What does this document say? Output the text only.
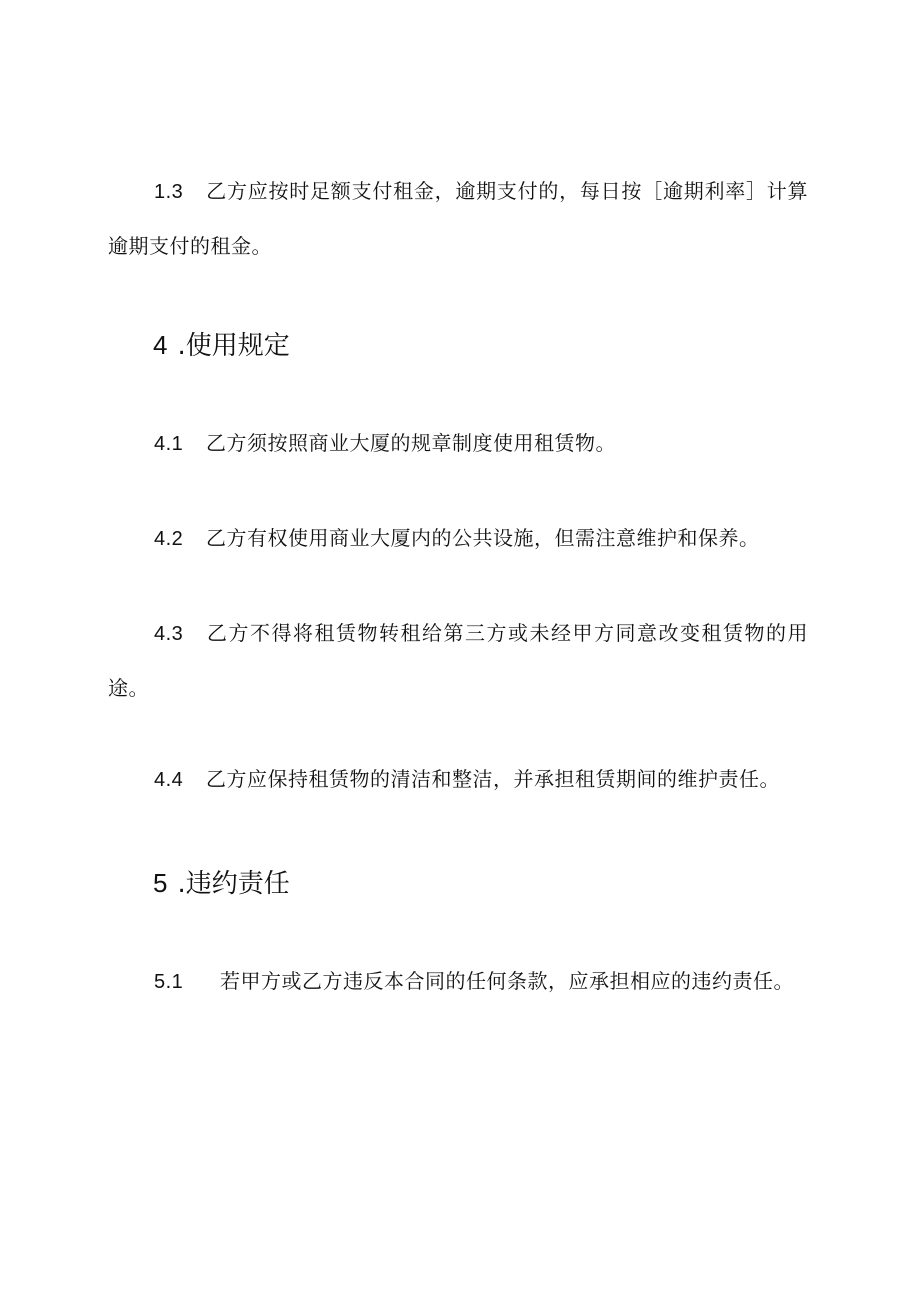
1.3 乙方应按时足额支付租金，逾期支付的，每日按［逾期利率］计算逾期支付的租金。

4 .使用规定

4.1 乙方须按照商业大厦的规章制度使用租赁物。

4.2 乙方有权使用商业大厦内的公共设施，但需注意维护和保养。

4.3 乙方不得将租赁物转租给第三方或未经甲方同意改变租赁物的用途。

4.4 乙方应保持租赁物的清洁和整洁，并承担租赁期间的维护责任。

5 .违约责任

5.1 若甲方或乙方违反本合同的任何条款，应承担相应的违约责任。
